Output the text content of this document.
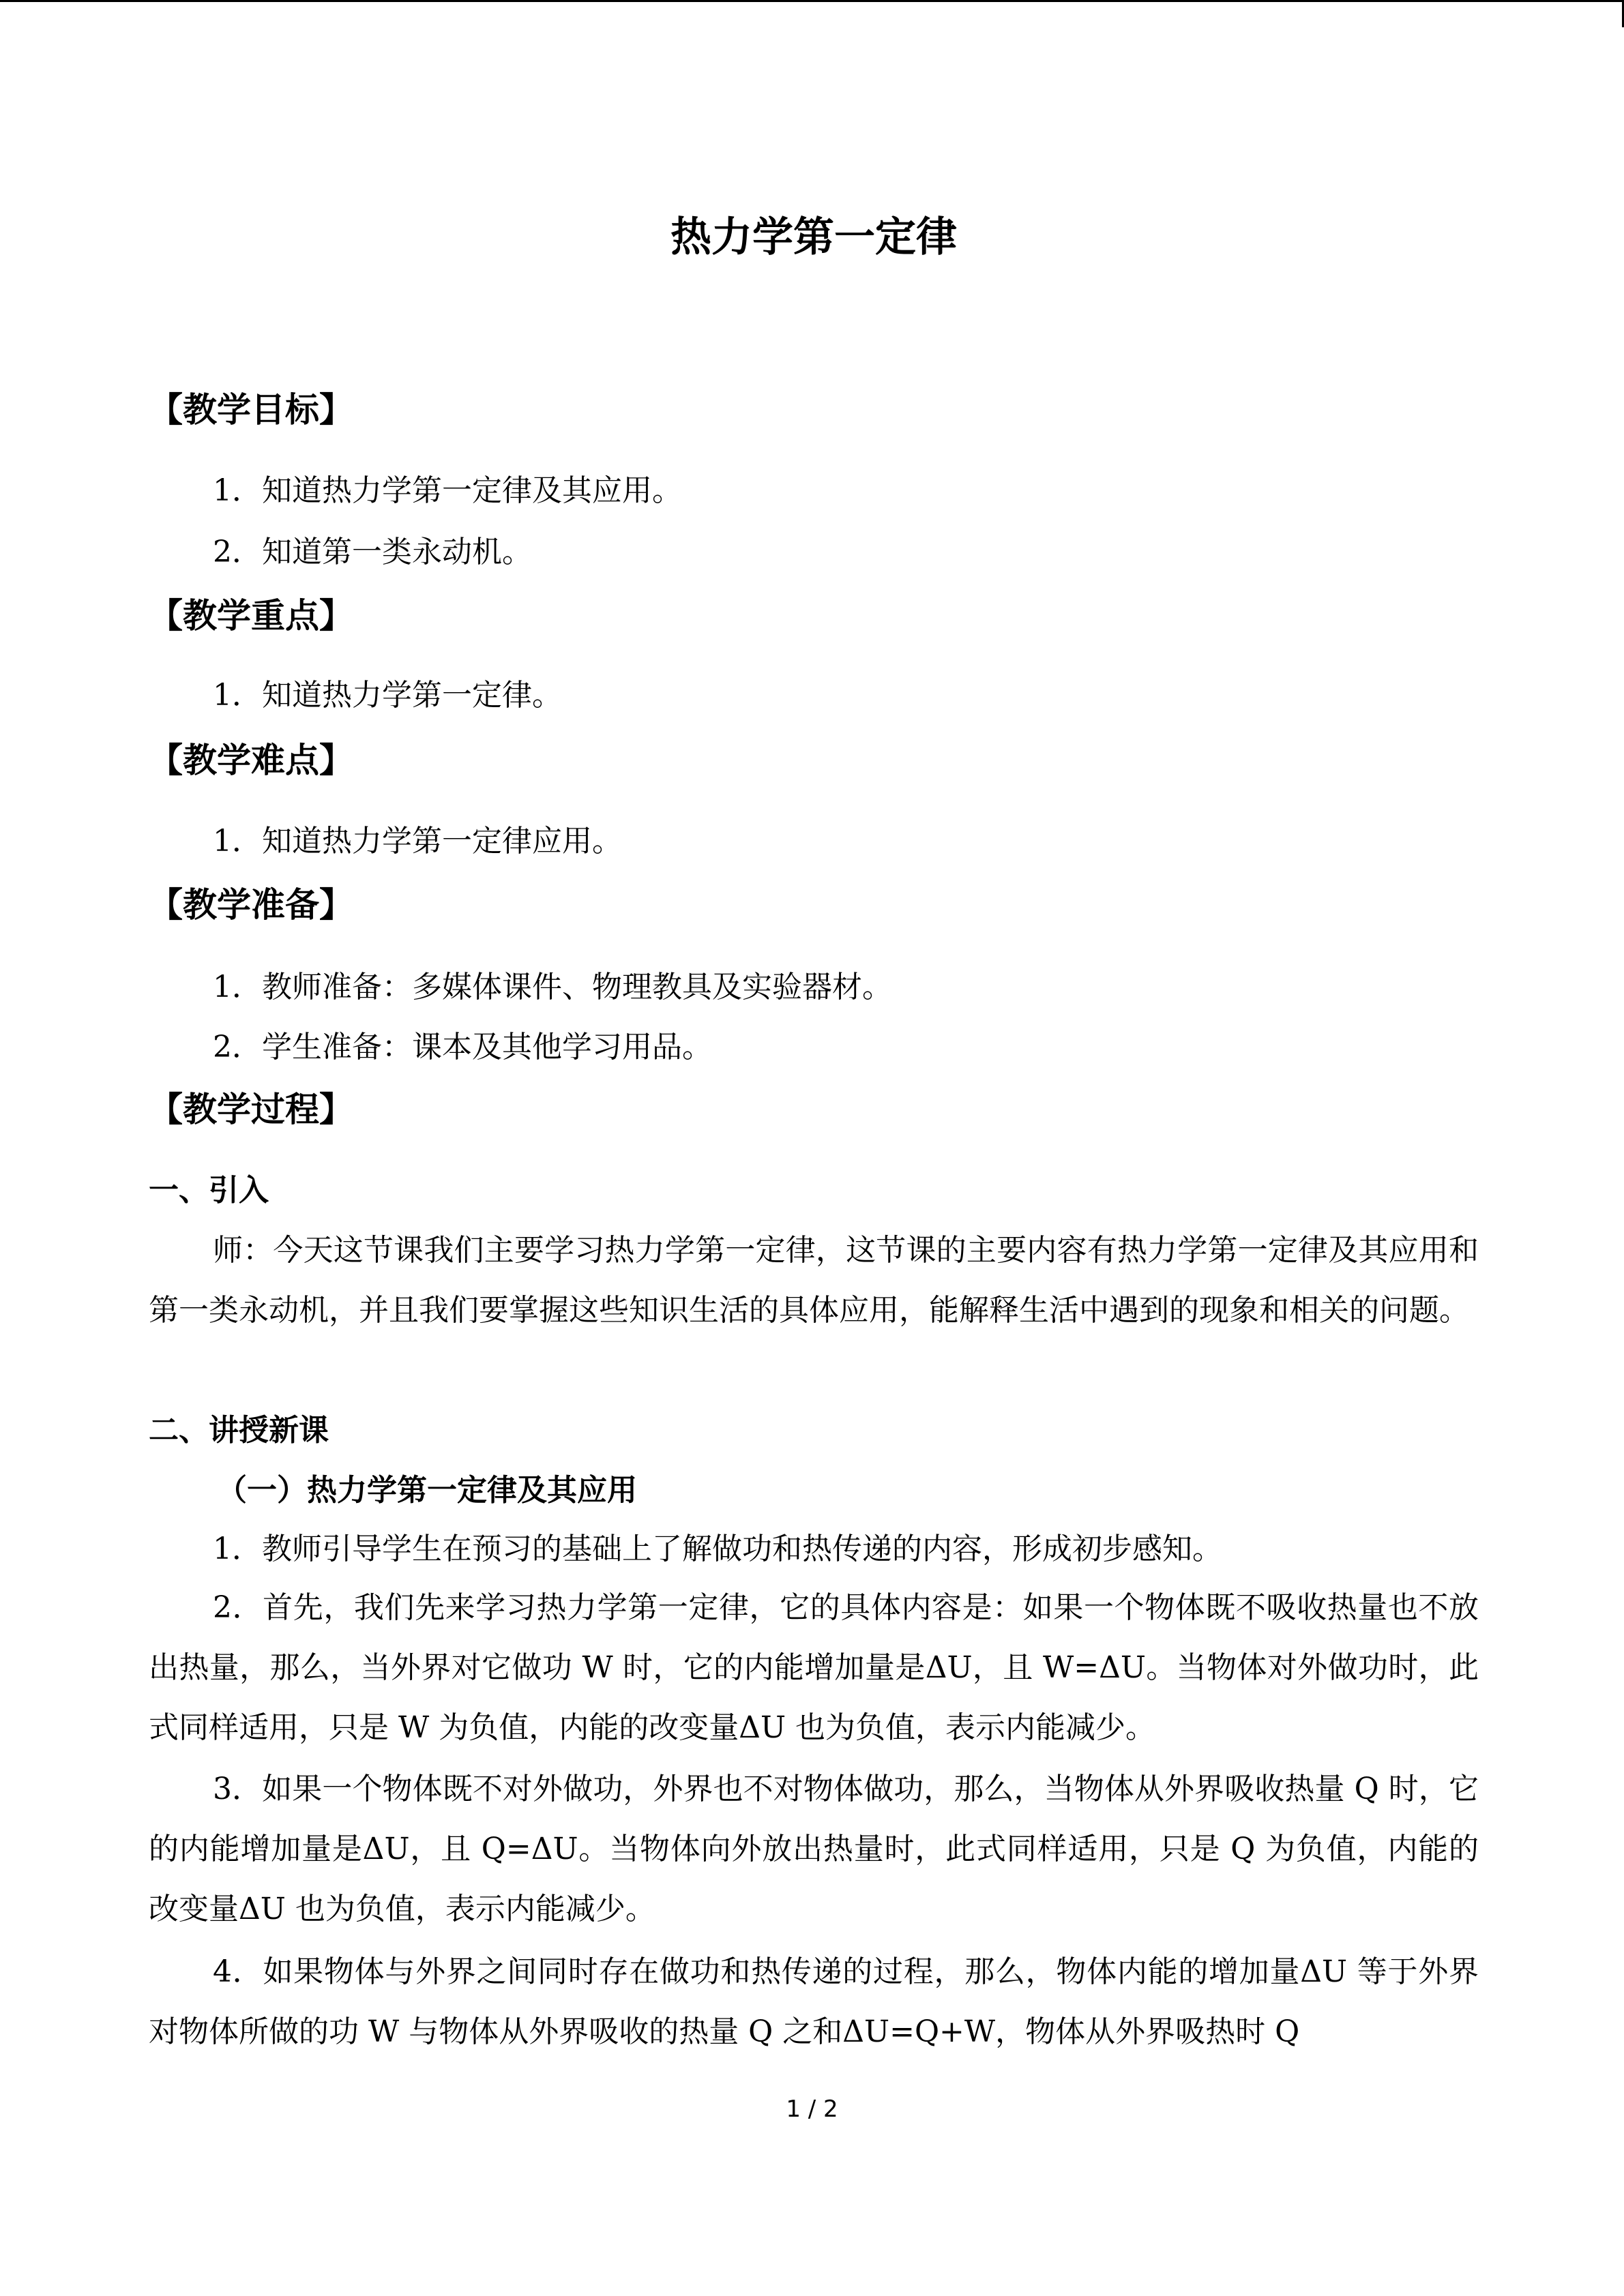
热力学第一定律
【教学目标】
1．知道热力学第一定律及其应用。
2．知道第一类永动机。
【教学重点】
1．知道热力学第一定律。
【教学难点】
1．知道热力学第一定律应用。
【教学准备】
1．教师准备：多媒体课件、物理教具及实验器材。
2．学生准备：课本及其他学习用品。
【教学过程】
一、引入
师：今天这节课我们主要学习热力学第一定律，这节课的主要内容有热力学第一定律及其应用和第一类永动机，并且我们要掌握这些知识生活的具体应用，能解释生活中遇到的现象和相关的问题。
二、讲授新课
（一）热力学第一定律及其应用
1．教师引导学生在预习的基础上了解做功和热传递的内容，形成初步感知。
2．首先，我们先来学习热力学第一定律，它的具体内容是：如果一个物体既不吸收热量也不放出热量，那么，当外界对它做功 W 时，它的内能增加量是ΔU，且 W=ΔU。当物体对外做功时，此式同样适用，只是 W 为负值，内能的改变量ΔU 也为负值，表示内能减少。
3．如果一个物体既不对外做功，外界也不对物体做功，那么，当物体从外界吸收热量 Q 时，它的内能增加量是ΔU，且 Q=ΔU。当物体向外放出热量时，此式同样适用，只是 Q 为负值，内能的改变量ΔU 也为负值，表示内能减少。
4．如果物体与外界之间同时存在做功和热传递的过程，那么，物体内能的增加量ΔU 等于外界对物体所做的功 W 与物体从外界吸收的热量 Q 之和ΔU=Q+W，物体从外界吸热时 Q
1 / 2
